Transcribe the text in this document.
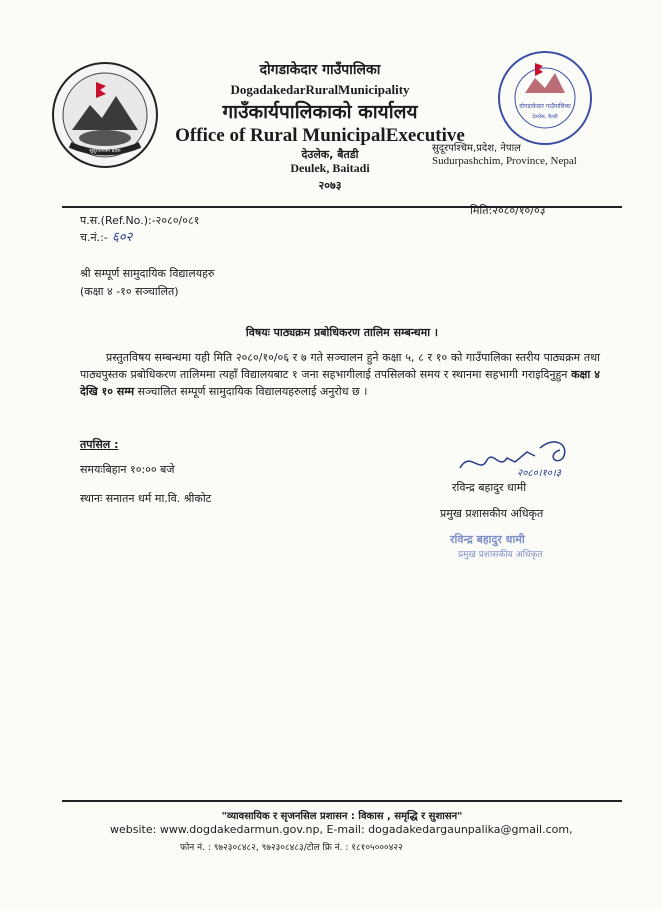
सुदूरपश्चिम प्रदेश
दोगडाकेदार गाउँपालिका
देउलेक, बैतडी
दोगडाकेदार गाउँपालिका
DogadakedarRuralMunicipality
गाउँकार्यपालिकाको कार्यालय
Office of Rural MunicipalExecutive
देउलेक, बैतडी
Deulek, Baitadi
२०७३
सुदूरपश्चिम,प्रदेश, नेपाल
Sudurpashchim, Province, Nepal
प.स.(Ref.No.):-२०८०/०८१
मिति:२०८०/१०/०३
च.नं.:- ६०२
श्री सम्पूर्ण सामुदायिक विद्यालयहरु
(कक्षा ४ -१० सञ्चालित)
विषयः पाठ्यक्रम प्रबोधिकरण तालिम सम्बन्धमा ।
प्रस्तुतविषय सम्बन्धमा यही मिति २०८०/१०/०६ र ७ गते सञ्चालन हुने कक्षा ५, ८ र १० को गाउँपालिका स्तरीय पाठ्यक्रम तथा पाठ्यपुस्तक प्रबोधिकरण तालिममा त्यहाँ विद्यालयबाट १ जना सहभागीलाई तपसिलको समय र स्थानमा सहभागी गराइदिनुहुन कक्षा ४ देखि १० सम्म सञ्चालित सम्पूर्ण सामुदायिक विद्यालयहरुलाई अनुरोध छ ।
तपसिल :
समयःबिहान १०:०० बजे
स्थानः सनातन धर्म मा.वि. श्रीकोट
२०८०।१०।३
रविन्द्र बहादुर धामी
प्रमुख प्रशासकीय अधिकृत
रविन्द्र बहादुर धामी
प्रमुख प्रशासकीय अधिकृत
"व्यावसायिक र सृजनसिल प्रशासन : विकास , समृद्धि र सुशासन"
website: www.dogdakedarmun.gov.np, E-mail: dogadakedargaunpalika@gmail.com,
फोन नं. : ९७२३०८४८२, ९७२३०८४८३/टोल फ्रि नं. : १८१०५०००४२२
